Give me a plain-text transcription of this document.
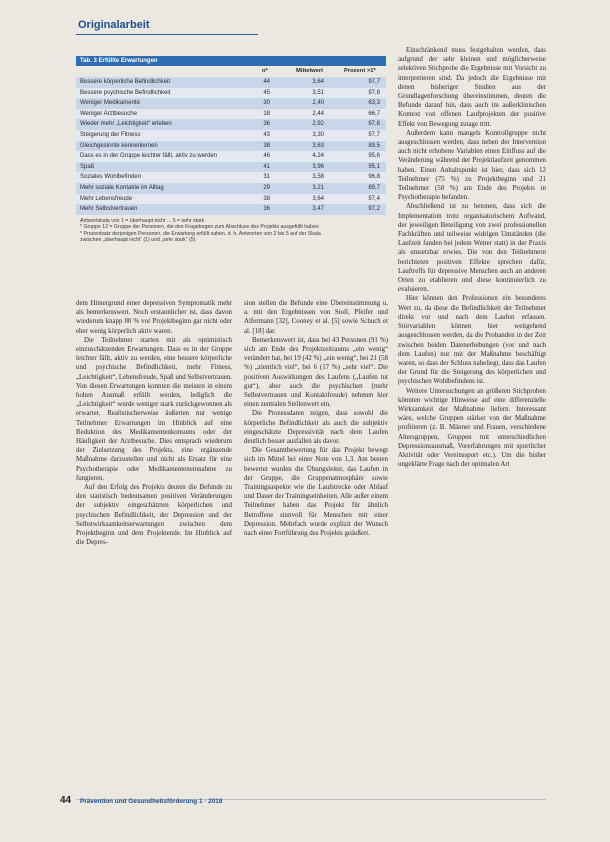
Originalarbeit
Tab. 3 Erfüllte Erwartungen
n*	Mittelwert	Prozent >1*
Bessere körperliche Befindlichkeit	44	3,64	97,7
Bessere psychische Befindlichkeit	45	3,51	97,8
Weniger Medikamente	30	2,40	63,3
Weniger Arztbesuche	18	2,44	66,7
Wieder mehr „Leichtigkeit“ erleben	36	2,92	97,8
Steigerung der Fitness	43	3,30	97,7
Gleichgesinnte kennenlernen	38	3,63	89,5
Dass es in der Gruppe leichter fällt, aktiv zu werden	46	4,24	95,6
Spaß	41	3,96	95,1
Soziales Wohlbefinden	31	3,58	96,8
Mehr soziale Kontakte im Alltag	29	3,21	89,7
Mehr Lebensfreude	38	3,64	97,4
Mehr Selbstvertrauen	36	3,47	97,2
Antwortskala von 1 = überhaupt nicht ... 5 = sehr stark
* Gruppe 12 = Gruppe der Personen, die den Fragebogen zum Abschluss des Projekts ausgefüllt haben
* Prozentsatz derjenigen Personen, die Erwartung erfüllt sahen, d. h. Antworten von 2 bis 5 auf der Skala
zwischen „überhaupt nicht“ (1) und „sehr stark“ (5)

dem Hintergrund einer depressiven Symptomatik mehr als bemerkenswert. Noch erstaunlicher ist, dass davon wiederum knapp 80 % vor Projektbeginn gar nicht oder eher wenig körperlich aktiv waren.

Die Teilnehmer starten mit als optimistisch einzuschätzenden Erwartungen. Dass es in der Gruppe leichter fällt, aktiv zu werden, eine bessere körperliche und psychische Befindlichkeit, mehr Fitness, „Leichtigkeit“, Lebensfreude, Spaß und Selbstvertrauen. Von diesen Erwartungen konnten die meisten in einem hohen Ausmaß erfüllt werden, lediglich die „Leichtigkeit“ wurde weniger stark zurückgewonnen als erwartet. Realistischerweise äußerten nur wenige Teilnehmer Erwartungen im Hinblick auf eine Reduktion des Medikamentenkonsums oder der Häufigkeit der Arztbesuche. Dies entsprach wiederum der Zielsetzung des Projekts, eine ergänzende Maßnahme darzustellen und nicht als Ersatz für eine Psychotherapie oder Medikamenteneinnahme zu fungieren.

Auf den Erfolg des Projekts deuten die Befunde zu den statistisch bedeutsamen positiven Veränderungen der subjektiv eingeschätzten körperlichen und psychischen Befindlichkeit, der Depression und der Selbstwirksamkeitserwartungen zwischen dem Projektbeginn und dem Projektende. Im Hinblick auf die Depres-

sion stellen die Befunde eine Übereinstimmung u. a. mit den Ergebnissen von Stoll, Pfeifer und Alfermann [32], Cooney et al. [5] sowie Schuch et al. [18] dar.

Bemerkenswert ist, dass bei 43 Personen (91 %) sich am Ende des Projektzeitraums „ein wenig“ verändert hat, bei 19 (42 %) „ein wenig“, bei 21 (58 %) „ziemlich viel“, bei 6 (17 %) „sehr viel“. Die positiven Auswirkungen des Laufens („Laufen tut gut“), aber auch die psychischen (mehr Selbstvertrauen und Kontaktfreude) nehmen hier einen zentralen Stellenwert ein.

Die Prozessdaten zeigen, dass sowohl die körperliche Befindlichkeit als auch die subjektiv eingeschätzte Depressivität nach dem Laufen deutlich besser ausfallen als davor.

Die Gesamtbewertung für das Projekt bewegt sich im Mittel bei einer Note von 1,3. Am besten bewertet wurden die Übungsleiter, das Laufen in der Gruppe, die Gruppenatmosphäre sowie Trainingsaspekte wie die Laufstrecke oder Ablauf und Dauer der Trainingseinheiten. Alle außer einem Teilnehmer haben das Projekt für ähnlich Betroffene sinnvoll für Menschen mit einer Depression. Mehrfach wurde explizit der Wunsch nach einer Fortführung des Projekts geäußert.

Einschränkend muss festgehalten werden, dass aufgrund der sehr kleinen und möglicherweise selektiven Stichprobe die Ergebnisse mit Vorsicht zu interpretieren sind. Da jedoch die Ergebnisse mit denen bisheriger Studien aus der Grundlagenforschung übereinstimmen, deuten die Befunde darauf hin, dass auch im außerklinischen Kontext von offenen Laufprojekten der positive Effekt von Bewegung zutage tritt.

Außerdem kann mangels Kontrollgruppe nicht ausgeschlossen werden, dass neben der Intervention auch nicht erhobene Variablen einen Einfluss auf die Veränderung während der Projektlaufzeit genommen haben. Einen Anhaltspunkt ist hier, dass sich 12 Teilnehmer (75 %) zu Projektbeginn und 21 Teilnehmer (58 %) am Ende des Projekts in Psychotherapie befanden.

Abschließend ist zu betonen, dass sich die Implementation trotz organisatorischem Aufwand, der jeweiligen Beteiligung von zwei professionellen Fachkräften und teilweise widrigen Umständen (die Laufzeit fanden bei jedem Wetter statt) in der Praxis als umsetzbar erwies. Die von den Teilnehmern berichteten positiven Effekte sprechen dafür, Lauftreffs für depressive Menschen auch an anderen Orten zu etablieren und diese kontinuierlich zu evaluieren.

Hier können den Professionen ein besonderes Wert zu, da diese die Befindlichkeit der Teilnehmer direkt vor und nach dem Laufen erfassen. Störvariablen können hier weitgehend ausgeschlossen werden, da die Probanden in der Zeit zwischen beiden Datenerhebungen (vor und nach dem Laufen) nur mit der Maßnahme beschäftigt waren, so dass der Schluss naheliegt, dass das Laufen der Grund für die Steigerung des körperlichen und psychischen Wohlbefindens ist.

Weitere Untersuchungen an größeren Stichproben könnten wichtige Hinweise auf eine differenzielle Wirksamkeit der Maßnahme liefern. Interessant wäre, welche Gruppen stärker von der Maßnahme profitieren (z. B. Männer und Frauen, verschiedene Altersgruppen, Gruppen mit unterschiedlichen Depressionsausmaß, Vorerfahrungen mit sportlicher Aktivität oder Vereinssport etc.). Um die bisher ungeklärte Frage nach der optimalen Art

44 Prävention und Gesundheitsförderung 1 · 2018
